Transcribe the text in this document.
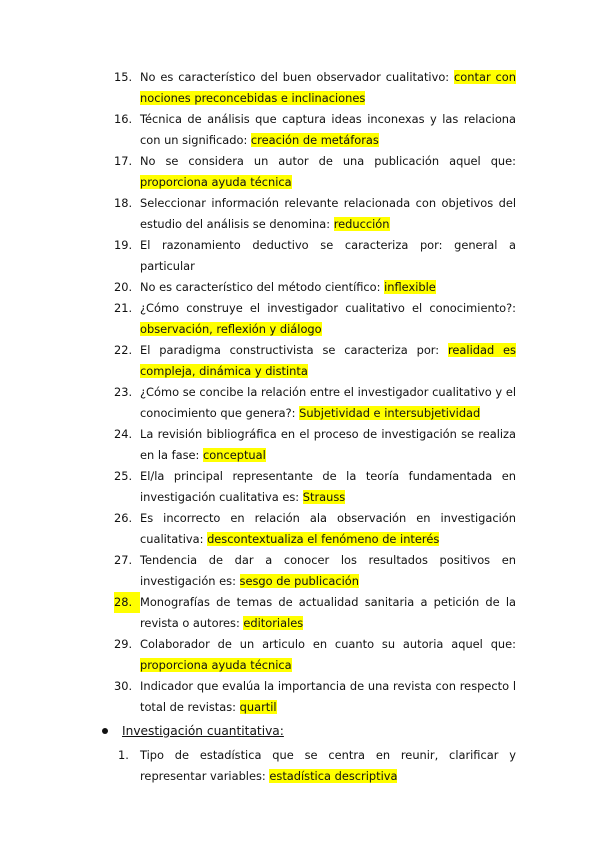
15. No es característico del buen observador cualitativo: contar con nociones preconcebidas e inclinaciones
16. Técnica de análisis que captura ideas inconexas y las relaciona con un significado: creación de metáforas
17. No se considera un autor de una publicación aquel que: proporciona ayuda técnica
18. Seleccionar información relevante relacionada con objetivos del estudio del análisis se denomina: reducción
19. El razonamiento deductivo se caracteriza por: general a particular
20. No es característico del método científico: inflexible
21. ¿Cómo construye el investigador cualitativo el conocimiento?: observación, reflexión y diálogo
22. El paradigma constructivista se caracteriza por: realidad es compleja, dinámica y distinta
23. ¿Cómo se concibe la relación entre el investigador cualitativo y el conocimiento que genera?: Subjetividad e intersubjetividad
24. La revisión bibliográfica en el proceso de investigación se realiza en la fase: conceptual
25. El/la principal representante de la teoría fundamentada en investigación cualitativa es: Strauss
26. Es incorrecto en relación ala observación en investigación cualitativa: descontextualiza el fenómeno de interés
27. Tendencia de dar a conocer los resultados positivos en investigación es: sesgo de publicación
28. Monografías de temas de actualidad sanitaria a petición de la revista o autores: editoriales
29. Colaborador de un articulo en cuanto su autoria aquel que: proporciona ayuda técnica
30. Indicador que evalúa la importancia de una revista con respecto l total de revistas: quartil
Investigación cuantitativa:
1. Tipo de estadística que se centra en reunir, clarificar y representar variables: estadística descriptiva
